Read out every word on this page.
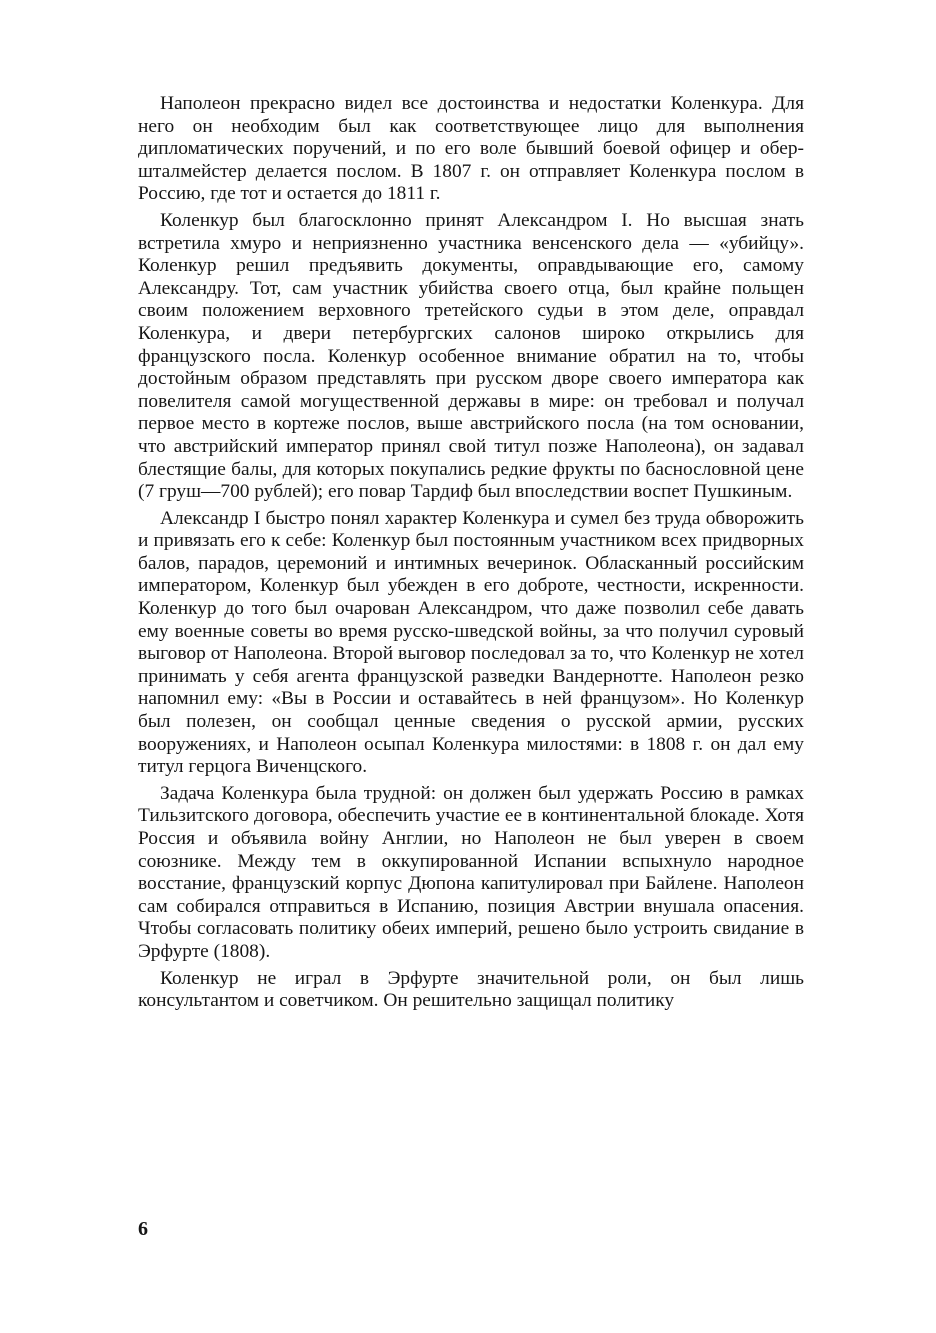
Наполеон прекрасно видел все достоинства и недостатки Коленкура. Для него он необходим был как соответствующее лицо для выполнения дипломатических поручений, и по его воле бывший боевой офицер и обер-шталмейстер делается послом. В 1807 г. он отправляет Коленкура послом в Россию, где тот и остается до 1811 г.

Коленкур был благосклонно принят Александром I. Но высшая знать встретила хмуро и неприязненно участника венсенского дела — «убийцу». Коленкур решил предъявить документы, оправдывающие его, самому Александру. Тот, сам участник убийства своего отца, был крайне польщен своим положением верховного третейского судьи в этом деле, оправдал Коленкура, и двери петербургских салонов широко открылись для французского посла. Коленкур особенное внимание обратил на то, чтобы достойным образом представлять при русском дворе своего императора как повелителя самой могущественной державы в мире: он требовал и получал первое место в кортеже послов, выше австрийского посла (на том основании, что австрийский император принял свой титул позже Наполеона), он задавал блестящие балы, для которых покупались редкие фрукты по баснословной цене (7 груш—700 рублей); его повар Тардиф был впоследствии воспет Пушкиным.

Александр I быстро понял характер Коленкура и сумел без труда обворожить и привязать его к себе: Коленкур был постоянным участником всех придворных балов, парадов, церемоний и интимных вечеринок. Обласканный российским императором, Коленкур был убежден в его доброте, честности, искренности. Коленкур до того был очарован Александром, что даже позволил себе давать ему военные советы во время русско-шведской войны, за что получил суровый выговор от Наполеона. Второй выговор последовал за то, что Коленкур не хотел принимать у себя агента французской разведки Вандернотте. Наполеон резко напомнил ему: «Вы в России и оставайтесь в ней французом». Но Коленкур был полезен, он сообщал ценные сведения о русской армии, русских вооружениях, и Наполеон осыпал Коленкура милостями: в 1808 г. он дал ему титул герцога Виченцского.

Задача Коленкура была трудной: он должен был удержать Россию в рамках Тильзитского договора, обеспечить участие ее в континентальной блокаде. Хотя Россия и объявила войну Англии, но Наполеон не был уверен в своем союзнике. Между тем в оккупированной Испании вспыхнуло народное восстание, французский корпус Дюпона капитулировал при Байлене. Наполеон сам собирался отправиться в Испанию, позиция Австрии внушала опасения. Чтобы согласовать политику обеих империй, решено было устроить свидание в Эрфурте (1808).

Коленкур не играл в Эрфурте значительной роли, он был лишь консультантом и советчиком. Он решительно защищал политику

6
